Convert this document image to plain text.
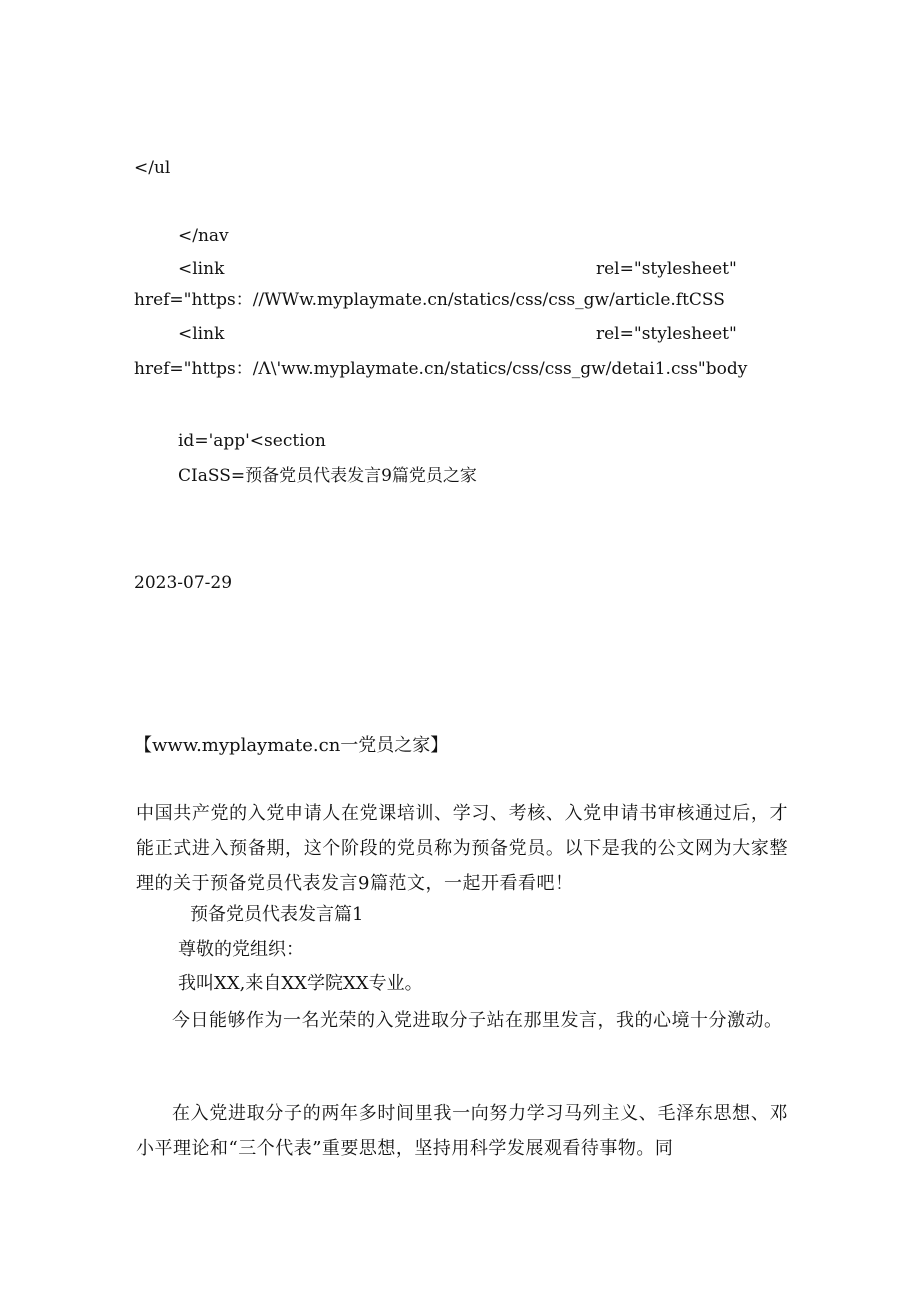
</ul
</nav
<link	rel="stylesheet"
href="https：//WWw.myplaymate.cn/statics/css/css_gw/article.ftCSS
<link	rel="stylesheet"
href="https：/Λ\'ww.myplaymate.cn/statics/css/css_gw/detai1.css"body
id='app'<section
CIaSS=预备党员代表发言9篇党员之家
2023-07-29
【www.myplaymate.cn一党员之家】
中国共产党的入党申请人在党课培训、学习、考核、入党申请书审核通过后，才能正式进入预备期，这个阶段的党员称为预备党员。以下是我的公文网为大家整理的关于预备党员代表发言9篇范文，一起开看看吧！
预备党员代表发言篇1
尊敬的党组织：
我叫XX,来自XX学院XX专业。
今日能够作为一名光荣的入党进取分子站在那里发言，我的心境十分激动。
在入党进取分子的两年多时间里我一向努力学习马列主义、毛泽东思想、邓小平理论和“三个代表”重要思想，坚持用科学发展观看待事物。同
